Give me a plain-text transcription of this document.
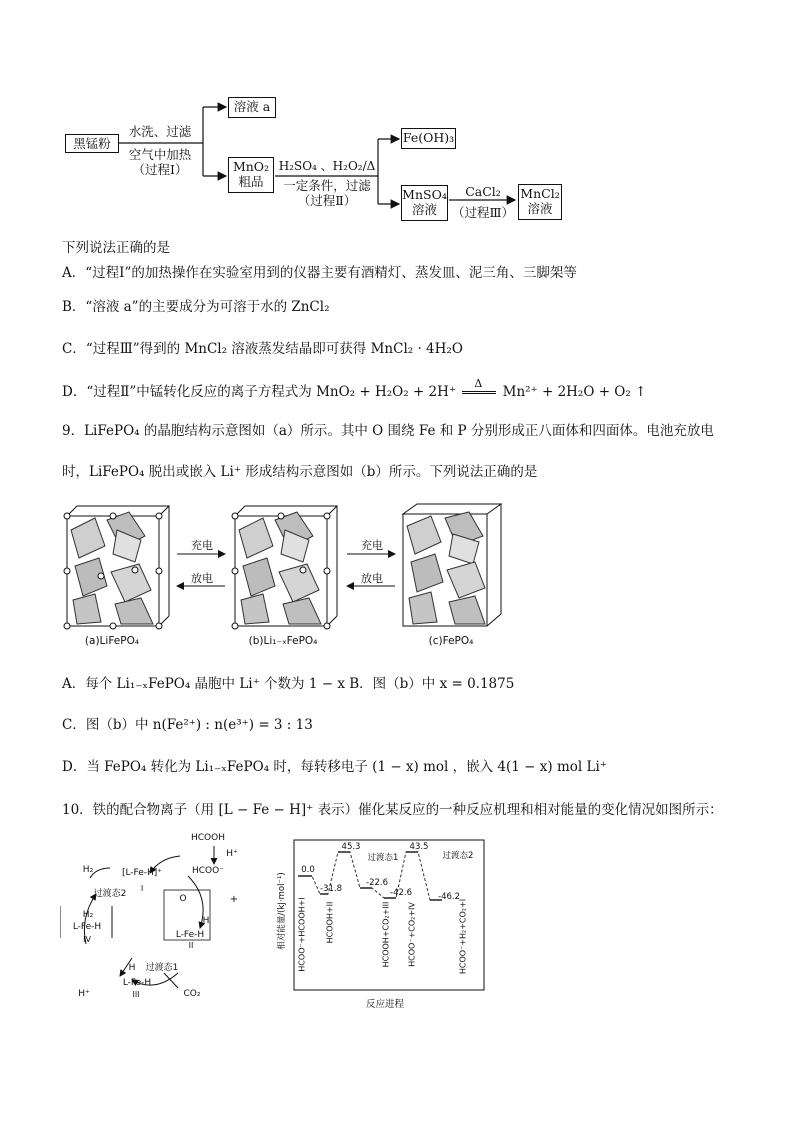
黑锰粉
水洗、过滤
空气中加热
（过程Ⅰ）
溶液 a
MnO₂
粗品
H₂SO₄ 、H₂O₂/Δ
一定条件，过滤
（过程Ⅱ）
Fe(OH)₃
MnSO₄
溶液
CaCl₂
（过程Ⅲ）
MnCl₂
溶液
下列说法正确的是
A．“过程Ⅰ”的加热操作在实验室用到的仪器主要有酒精灯、蒸发皿、泥三角、三脚架等
B．“溶液 a”的主要成分为可溶于水的 ZnCl₂
C．“过程Ⅲ”得到的 MnCl₂ 溶液蒸发结晶即可获得 MnCl₂ · 4H₂O
D．“过程Ⅱ”中锰转化反应的离子方程式为 MnO₂ + H₂O₂ + 2H⁺
Δ
Mn²⁺ + 2H₂O + O₂ ↑
9．LiFePO₄ 的晶胞结构示意图如（a）所示。其中 O 围绕 Fe 和 P 分别形成正八面体和四面体。电池充放电
时，LiFePO₄ 脱出或嵌入 Li⁺ 形成结构示意图如（b）所示。下列说法正确的是
充电
放电
充电
放电
(a)LiFePO₄	(b)Li₁₋ₓFePO₄	(c)FePO₄
A．每个 Li₁₋ₓFePO₄ 晶胞中 Li⁺ 个数为 1 − x B．图（b）中 x = 0.1875
C．图（b）中 n(Fe²⁺) : n(e³⁺) = 3 : 13
D．当 FePO₄ 转化为 Li₁₋ₓFePO₄ 时，每转移电子 (1 − x) mol ，嵌入 4(1 − x) mol Li⁺
10．铁的配合物离子（用 [L − Fe − H]⁺ 表示）催化某反应的一种反应机理和相对能量的变化情况如图所示：
HCOOH
H⁺
HCOO⁻
+
H₂	[L-Fe-H]⁺
过渡态2
I
O
H
L-Fe-H
II
H₂
L-Fe-H
IV
过渡态1
H
L-Fe-H
III
H⁺	CO₂
相对能量/(kJ·mol⁻¹)
反应进程
0.0
-31.8
45.3
过渡态1
-22.6
-42.6
43.5
过渡态2
-46.2
HCOO⁻+HCOOH+I HCOOH+II	HCOOH+CO₂+III HCOO⁻+CO₂+IV	HCOO⁻+H₂+CO₂+I
